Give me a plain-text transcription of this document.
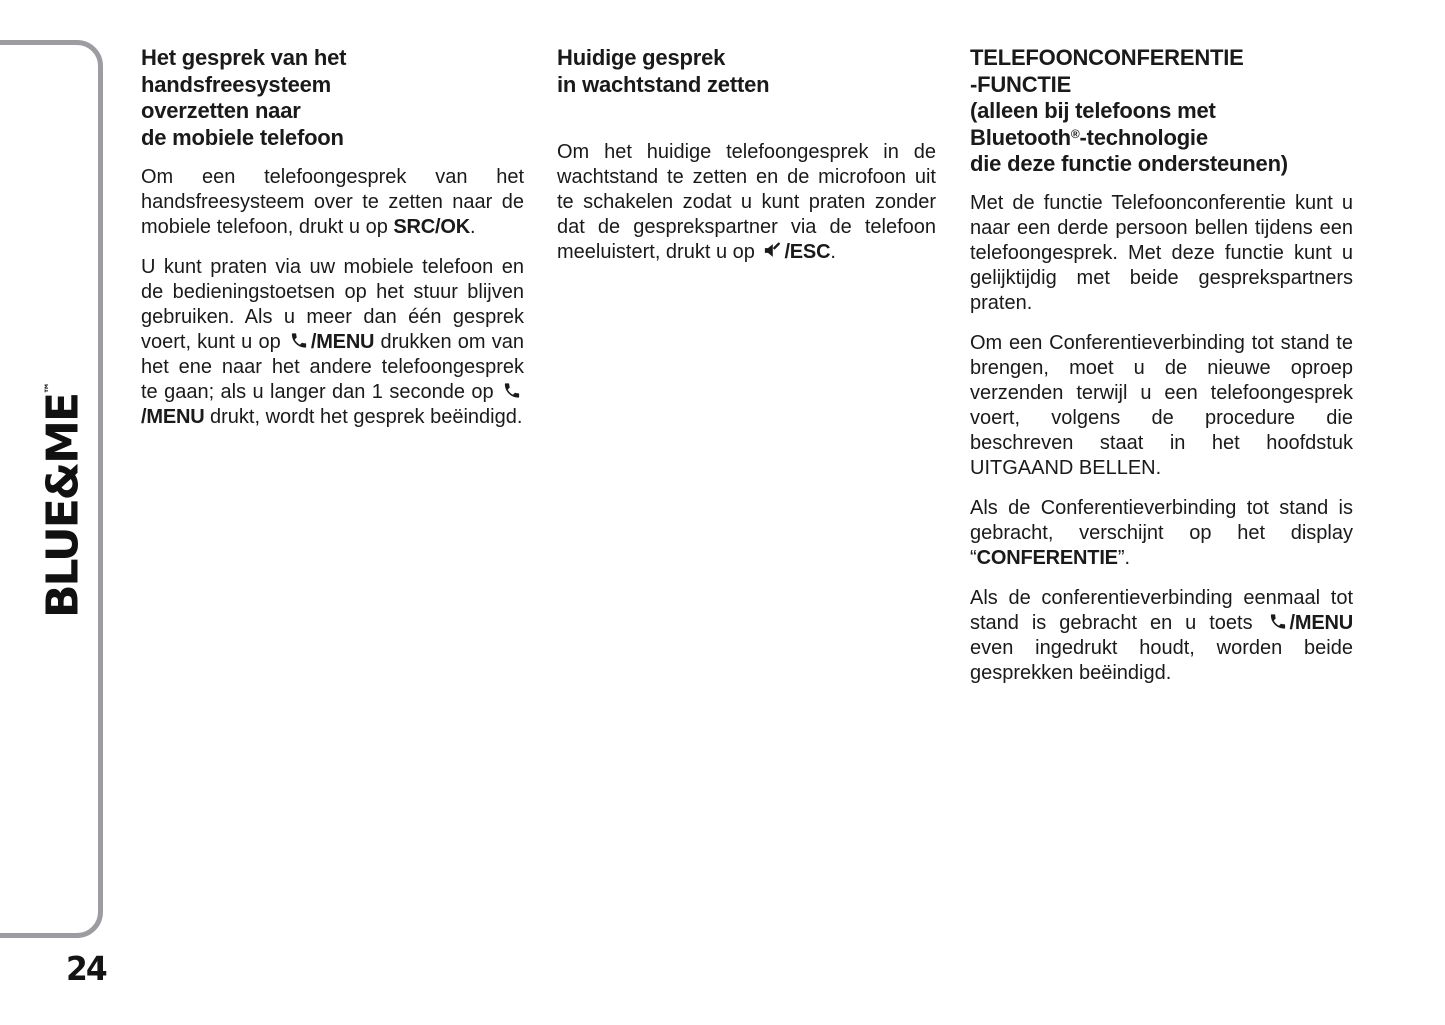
BLUE&ME™
24
Het gesprek van het
handsfreesysteem
overzetten naar
de mobiele telefoon

Om een telefoongesprek van het handsfreesysteem over te zetten naar de mobiele telefoon, drukt u op SRC/OK.

U kunt praten via uw mobiele telefoon en de bedieningstoetsen op het stuur blijven gebruiken. Als u meer dan één gesprek voert, kunt u op
/MENU drukken om van het ene naar het andere telefoongesprek te gaan; als u langer dan 1 seconde op
/MENU drukt, wordt het gesprek beëindigd.

Huidige gesprek
in wachtstand zetten

Om het huidige telefoongesprek in de wachtstand te zetten en de microfoon uit te schakelen zodat u kunt praten zonder dat de gesprekspartner via de telefoon meeluistert, drukt u op
/ESC.

TELEFOONCONFERENTIE
-FUNCTIE
(alleen bij telefoons met
Bluetooth®-technologie
die deze functie ondersteunen)

Met de functie Telefoonconferentie kunt u naar een derde persoon bellen tijdens een telefoongesprek. Met deze functie kunt u gelijktijdig met beide gesprekspartners praten.

Om een Conferentieverbinding tot stand te brengen, moet u de nieuwe oproep verzenden terwijl u een telefoongesprek voert, volgens de procedure die beschreven staat in het hoofdstuk UITGAAND BELLEN.

Als de Conferentieverbinding tot stand is gebracht, verschijnt op het display “CONFERENTIE”.

Als de conferentieverbinding eenmaal tot stand is gebracht en u toets
/MENU even ingedrukt houdt, worden beide gesprekken beëindigd.
